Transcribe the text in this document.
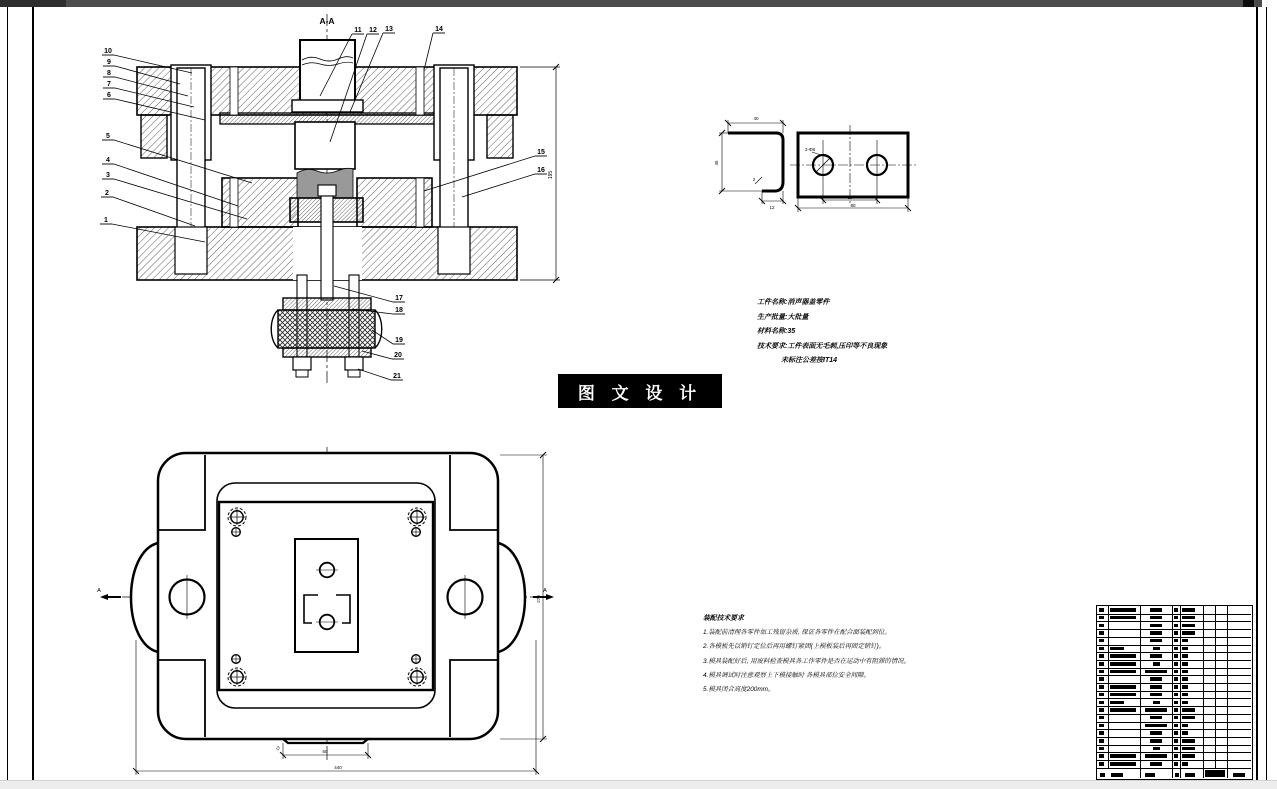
195
A-A
10
9
8
7
6
5
4
3
2
1
11 12 13	14
15
16
17
18
19
20
21
40
45
12
2
2-Φ8
50
80
A	A
60
12
440
270
图 文 设 计
工件名称:消声器盖零件
生产批量:大批量
材料名称:35
技术要求:工件表面无毛刺,压印等不良现象
未标注公差按IT14
装配技术要求
1.装配前清理各零件加工残留杂质, 保证各零件在配合面装配到位。
2.各模板先以销钉定位后再用螺钉紧固(上模板装后再固定销钉)。
3.模具装配好后, 用废料检查模具各工作零件是否在运动中有阻滞的情况。
4.模具调试时注意观察上下模接触时 各模具部位安全间隙。
5.模具闭合高度200mm。
